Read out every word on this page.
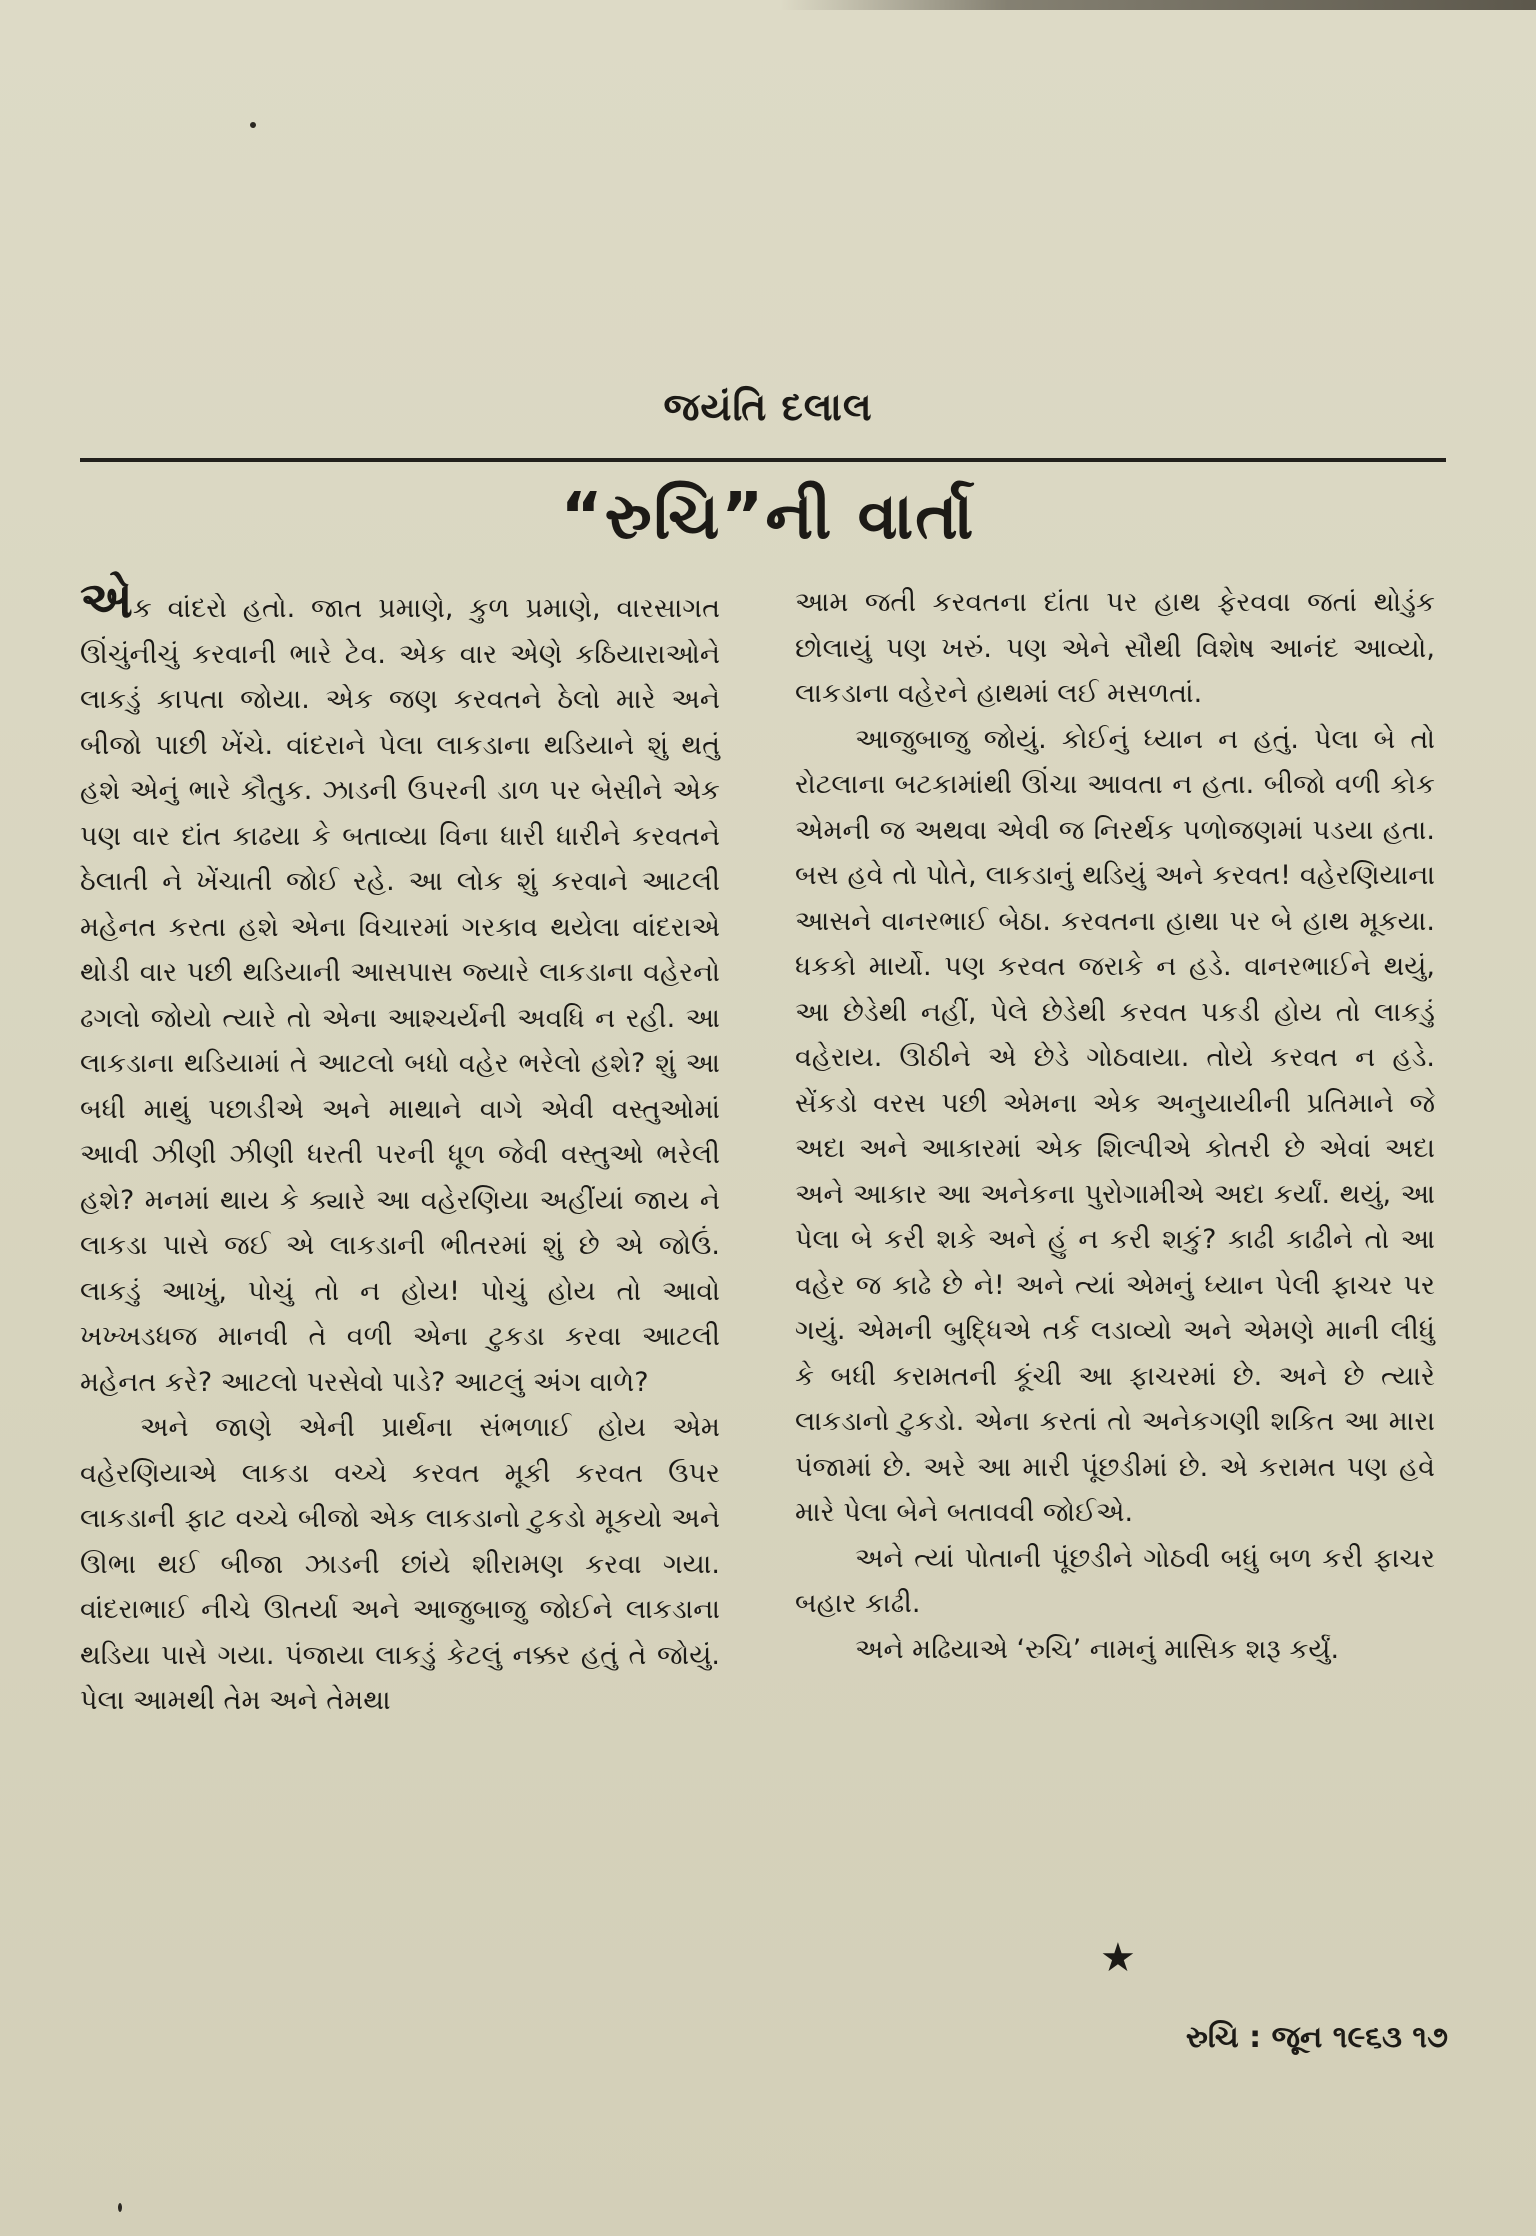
જયંતિ દલાલ
“રુચિ”ની વાર્તા

એક વાંદરો હતો. જાત પ્રમાણે, કુળ પ્રમાણે, વારસાગત ઊંચુંનીચું કરવાની ભારે ટેવ. એક વાર એણે કઠિયારાઓને લાકડું કાપતા જોયા. એક જણ કરવતને ઠેલો મારે અને બીજો પાછી ખેંચે. વાંદરાને પેલા લાકડાના થડિયાને શું થતું હશે એનું ભારે કૌતુક. ઝાડની ઉપરની ડાળ પર બેસીને એક પણ વાર દાંત કાઢયા કે બતાવ્યા વિના ધારી ધારીને કરવતને ઠેલાતી ને ખેંચાતી જોઈ રહે. આ લોક શું કરવાને આટલી મહેનત કરતા હશે એના વિચારમાં ગરકાવ થયેલા વાંદરાએ થોડી વાર પછી થડિયાની આસપાસ જ્યારે લાકડાના વહેરનો ઢગલો જોયો ત્યારે તો એના આશ્ચર્યની અવધિ ન રહી. આ લાકડાના થડિયામાં તે આટલો બધો વહેર ભરેલો હશે? શું આ બધી માથું પછાડીએ અને માથાને વાગે એવી વસ્તુઓમાં આવી ઝીણી ઝીણી ધરતી પરની ધૂળ જેવી વસ્તુઓ ભરેલી હશે? મનમાં થાય કે ક્યારે આ વહેરણિયા અહીંયાં જાય ને લાકડા પાસે જઈ એ લાકડાની ભીતરમાં શું છે એ જોઉં. લાકડું આખું, પોચું તો ન હોય! પોચું હોય તો આવો ખખ્ખડધજ માનવી તે વળી એના ટુકડા કરવા આટલી મહેનત કરે? આટલો પરસેવો પાડે? આટલું અંગ વાળે?

અને જાણે એની પ્રાર્થના સંભળાઈ હોય એમ વહેરણિયાએ લાકડા વચ્ચે કરવત મૂકી કરવત ઉપર લાકડાની ફાટ વચ્ચે બીજો એક લાકડાનો ટુકડો મૂકયો અને ઊભા થઈ બીજા ઝાડની છાંયે શીરામણ કરવા ગયા. વાંદરાભાઈ નીચે ઊતર્યા અને આજુબાજુ જોઈને લાકડાના થડિયા પાસે ગયા. પંજાયા લાકડું કેટલું નક્કર હતું તે જોયું. પેલા આમથી તેમ અને તેમથા

આમ જતી કરવતના દાંતા પર હાથ ફેરવવા જતાં થોડુંક છોલાયું પણ ખરું. પણ એને સૌથી વિશેષ આનંદ આવ્યો, લાકડાના વહેરને હાથમાં લઈ મસળતાં.

આજુબાજુ જોયું. કોઈનું ધ્યાન ન હતું. પેલા બે તો રોટલાના બટકામાંથી ઊંચા આવતા ન હતા. બીજો વળી કોક એમની જ અથવા એવી જ નિરર્થક પળોજણમાં પડયા હતા. બસ હવે તો પોતે, લાકડાનું થડિયું અને કરવત! વહેરણિયાના આસને વાનરભાઈ બેઠા. કરવતના હાથા પર બે હાથ મૂકયા. ધકકો માર્યો. પણ કરવત જરાકે ન હડે. વાનરભાઈને થયું, આ છેડેથી નહીં, પેલે છેડેથી કરવત પકડી હોય તો લાકડું વહેરાય. ઊઠીને એ છેડે ગોઠવાયા. તોયે કરવત ન હડે. સેંકડો વરસ પછી એમના એક અનુયાયીની પ્રતિમાને જે અદા અને આકારમાં એક શિલ્પીએ કોતરી છે એવાં અદા અને આકાર આ અનેકના પુરોગામીએ અદા કર્યાં. થયું, આ પેલા બે કરી શકે અને હું ન કરી શકું? કાઢી કાઢીને તો આ વહેર જ કાઢે છે ને! અને ત્યાં એમનું ધ્યાન પેલી ફાચર પર ગયું. એમની બુદ્ધિએ તર્ક લડાવ્યો અને એમણે માની લીધું કે બધી કરામતની કૂંચી આ ફાચરમાં છે. અને છે ત્યારે લાકડાનો ટુકડો. એના કરતાં તો અનેકગણી શકિત આ મારા પંજામાં છે. અરે આ મારી પૂંછડીમાં છે. એ કરામત પણ હવે મારે પેલા બેને બતાવવી જોઈએ.

અને ત્યાં પોતાની પૂંછડીને ગોઠવી બધું બળ કરી ફાચર બહાર કાઢી.

અને મઢિયાએ ‘રુચિ’ નામનું માસિક શરૂ કર્યું.

★
રુચિ : જૂન ૧૯૬૩ ૧૭
